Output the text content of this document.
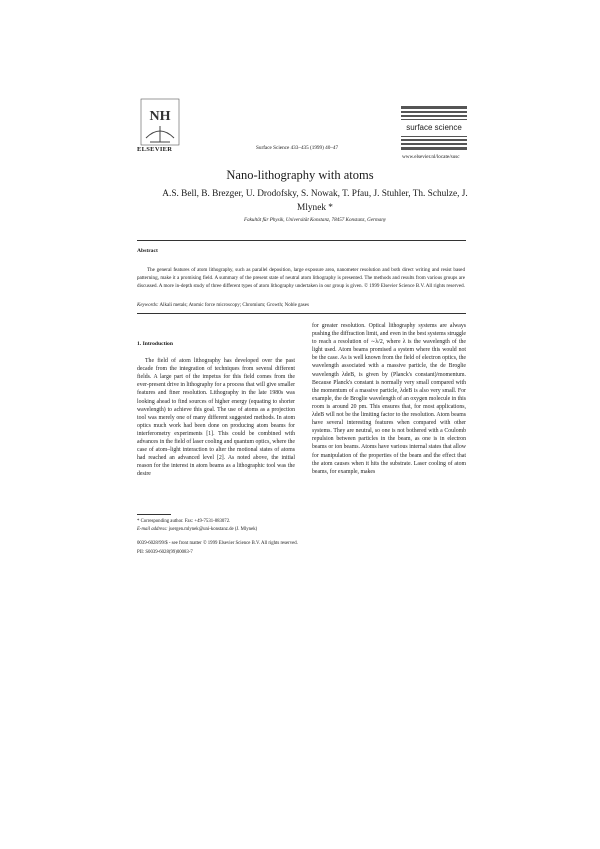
NH
ELSEVIER	Surface Science 433–435 (1999) 40–47
surface science
www.elsevier.nl/locate/susc
Nano-lithography with atoms
A.S. Bell, B. Brezger, U. Drodofsky, S. Nowak, T. Pfau, J. Stuhler, Th. Schulze, J. Mlynek *
Fakultät für Physik, Universität Konstanz, 78457 Konstanz, Germany
Abstract
The general features of atom lithography, such as parallel deposition, large exposure area, nanometer resolution and both direct writing and resist based patterning, make it a promising field. A summary of the present state of neutral atom lithography is presented. The methods and results from various groups are discussed. A more in-depth study of three different types of atom lithography undertaken in our group is given. © 1999 Elsevier Science B.V. All rights reserved.
Keywords: Alkali metals; Atomic force microscopy; Chromium; Growth; Noble gases
1. Introduction
The field of atom lithography has developed over the past decade from the integration of techniques from several different fields. A large part of the impetus for this field comes from the ever-present drive in lithography for a process that will give smaller features and finer resolution. Lithography in the late 1980s was looking ahead to find sources of higher energy (equating to shorter wavelength) to achieve this goal. The use of atoms as a projection tool was merely one of many different suggested methods. In atom optics much work had been done on producing atom beams for interferometry experiments [1]. This could be combined with advances in the field of laser cooling and quantum optics, where the case of atom–light interaction to alter the motional states of atoms had reached an advanced level [2]. As noted above, the initial reason for the interest in atom beams as a lithographic tool was the desire
for greater resolution. Optical lithography systems are always pushing the diffraction limit, and even in the best systems struggle to reach a resolution of ∼λ/2, where λ is the wavelength of the light used. Atom beams promised a system where this would not be the case. As is well known from the field of electron optics, the wavelength associated with a massive particle, the de Broglie wavelength λdeB, is given by (Planck's constant)/momentum. Because Planck's constant is normally very small compared with the momentum of a massive particle, λdeB is also very small. For example, the de Broglie wavelength of an oxygen molecule in this room is around 20 pm. This ensures that, for most applications, λdeB will not be the limiting factor to the resolution. Atom beams have several interesting features when compared with other systems. They are neutral, so one is not bothered with a Coulomb repulsion between particles in the beam, as one is in electron beams or ion beams. Atoms have various internal states that allow for manipulation of the properties of the beam and the effect that the atom causes when it hits the substrate. Laser cooling of atom beams, for example, makes
* Corresponding author. Fax: +49-7531-883072.
E-mail address: juergen.mlynek@uni-konstanz.de (J. Mlynek)
0039-6028/99/$ - see front matter © 1999 Elsevier Science B.V. All rights reserved.
PII: S0039-6028(99)00083-7
